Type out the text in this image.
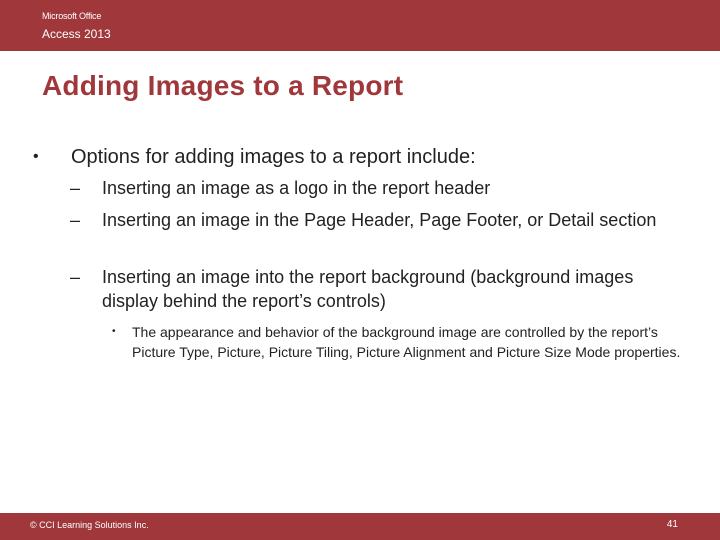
Microsoft Office
Access 2013
Adding Images to a Report
• Options for adding images to a report include:
– Inserting an image as a logo in the report header
– Inserting an image in the Page Header, Page Footer, or Detail section
– Inserting an image into the report background (background images display behind the report’s controls)
• The appearance and behavior of the background image are controlled by the report’s Picture Type, Picture, Picture Tiling, Picture Alignment and Picture Size Mode properties.
© CCI Learning Solutions Inc.	41
